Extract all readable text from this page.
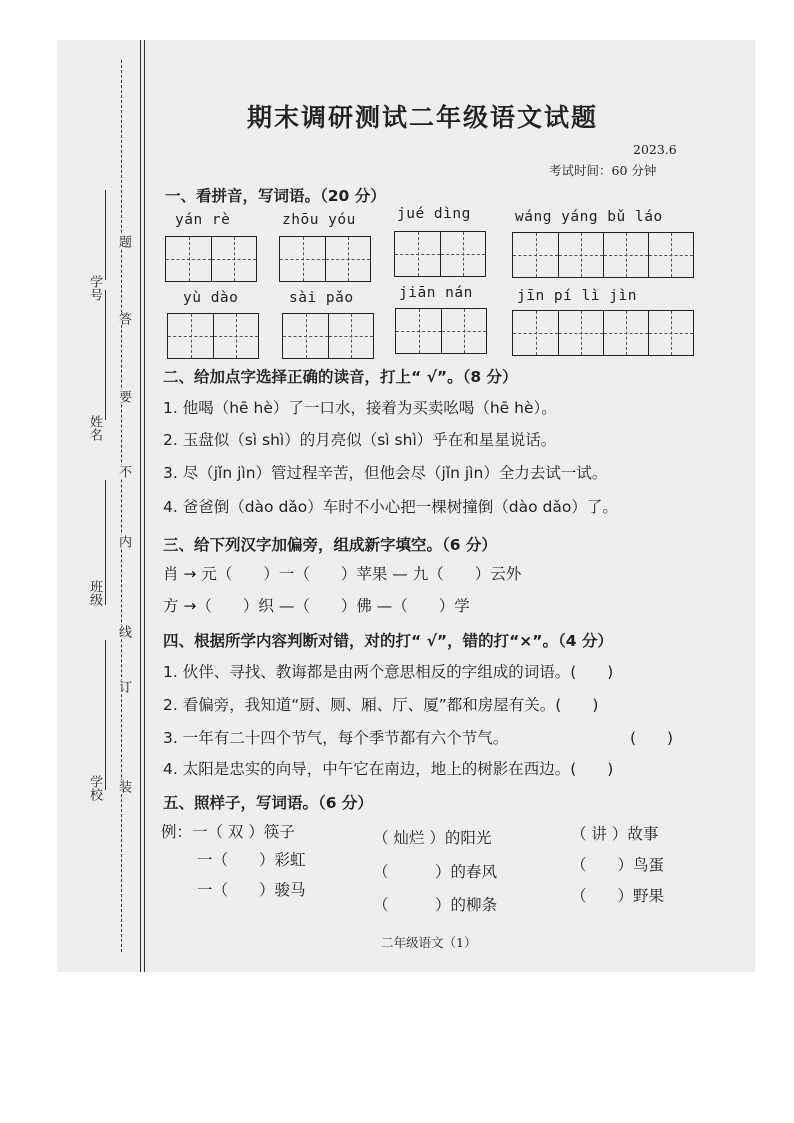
学校
班级
姓名
学号
装
订
线
内
不
要
答
题
期末调研测试二年级语文试题
2023.6
考试时间：60 分钟
一、看拼音，写词语。（20 分）
yán rè	zhōu yóu	jué dìng	wáng yáng bǔ láo
yù dào	sài pǎo	jiān nán	jīn pí lì jìn
二、给加点字选择正确的读音，打上“ √”。（8 分）
1. 他喝（hē hè）了一口水，接着为买卖吆喝（hē hè）。
2. 玉盘似（sì shì）的月亮似（sì shì）乎在和星星说话。
3. 尽（jǐn jìn）管过程辛苦，但他会尽（jǐn jìn）全力去试一试。
4. 爸爸倒（dào dǎo）车时不小心把一棵树撞倒（dào dǎo）了。
三、给下列汉字加偏旁，组成新字填空。（6 分）
肖 → 元（　　）一（　　）苹果 — 九（　　）云外
方 →（　　）织 —（　　）佛 —（　　）学
四、根据所学内容判断对错，对的打“ √”，错的打“×”。（4 分）
1. 伙伴、寻找、教诲都是由两个意思相反的字组成的词语。(　　)
2. 看偏旁，我知道“厨、厕、厢、厅、厦”都和房屋有关。(　　)
3. 一年有二十四个节气，每个季节都有六个节气。	(　　)
4. 太阳是忠实的向导，中午它在南边，地上的树影在西边。(　　)
五、照样子，写词语。（6 分）
例：一（ 双 ）筷子
一（　　）彩虹
一（　　）骏马
（ 灿烂 ）的阳光
（　　　）的春风
（　　　）的柳条
（ 讲 ）故事
（　　）鸟蛋
（　　）野果
二年级语文（1）
